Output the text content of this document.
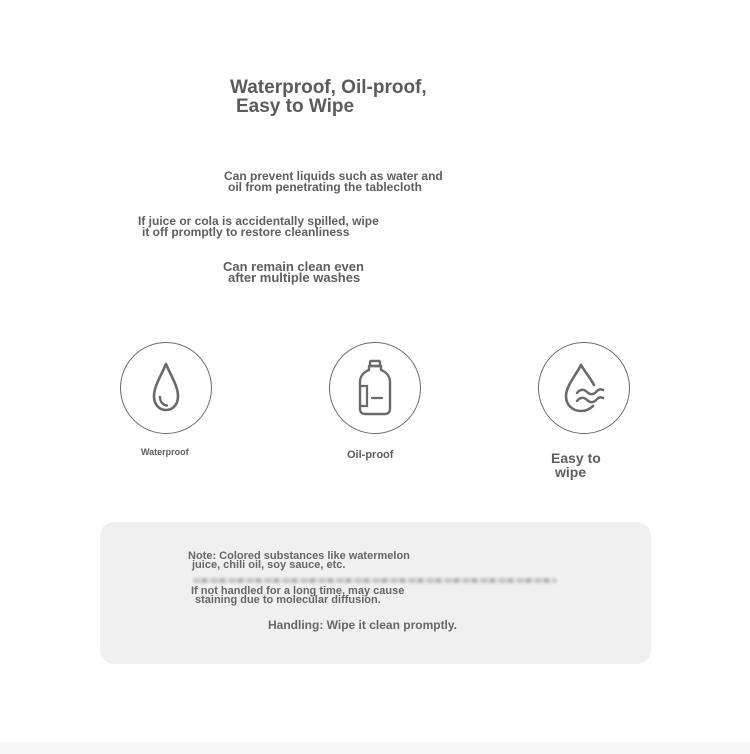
Waterproof, Oil-proof,
Easy to Wipe
Can prevent liquids such as water and
oil from penetrating the tablecloth
If juice or cola is accidentally spilled, wipe
it off promptly to restore cleanliness
Can remain clean even
after multiple washes
Waterproof	Oil-proof	Easy to
wipe
Note: Colored substances like watermelon
juice, chili oil, soy sauce, etc.
If not handled for a long time, may cause
staining due to molecular diffusion.
Handling: Wipe it clean promptly.
